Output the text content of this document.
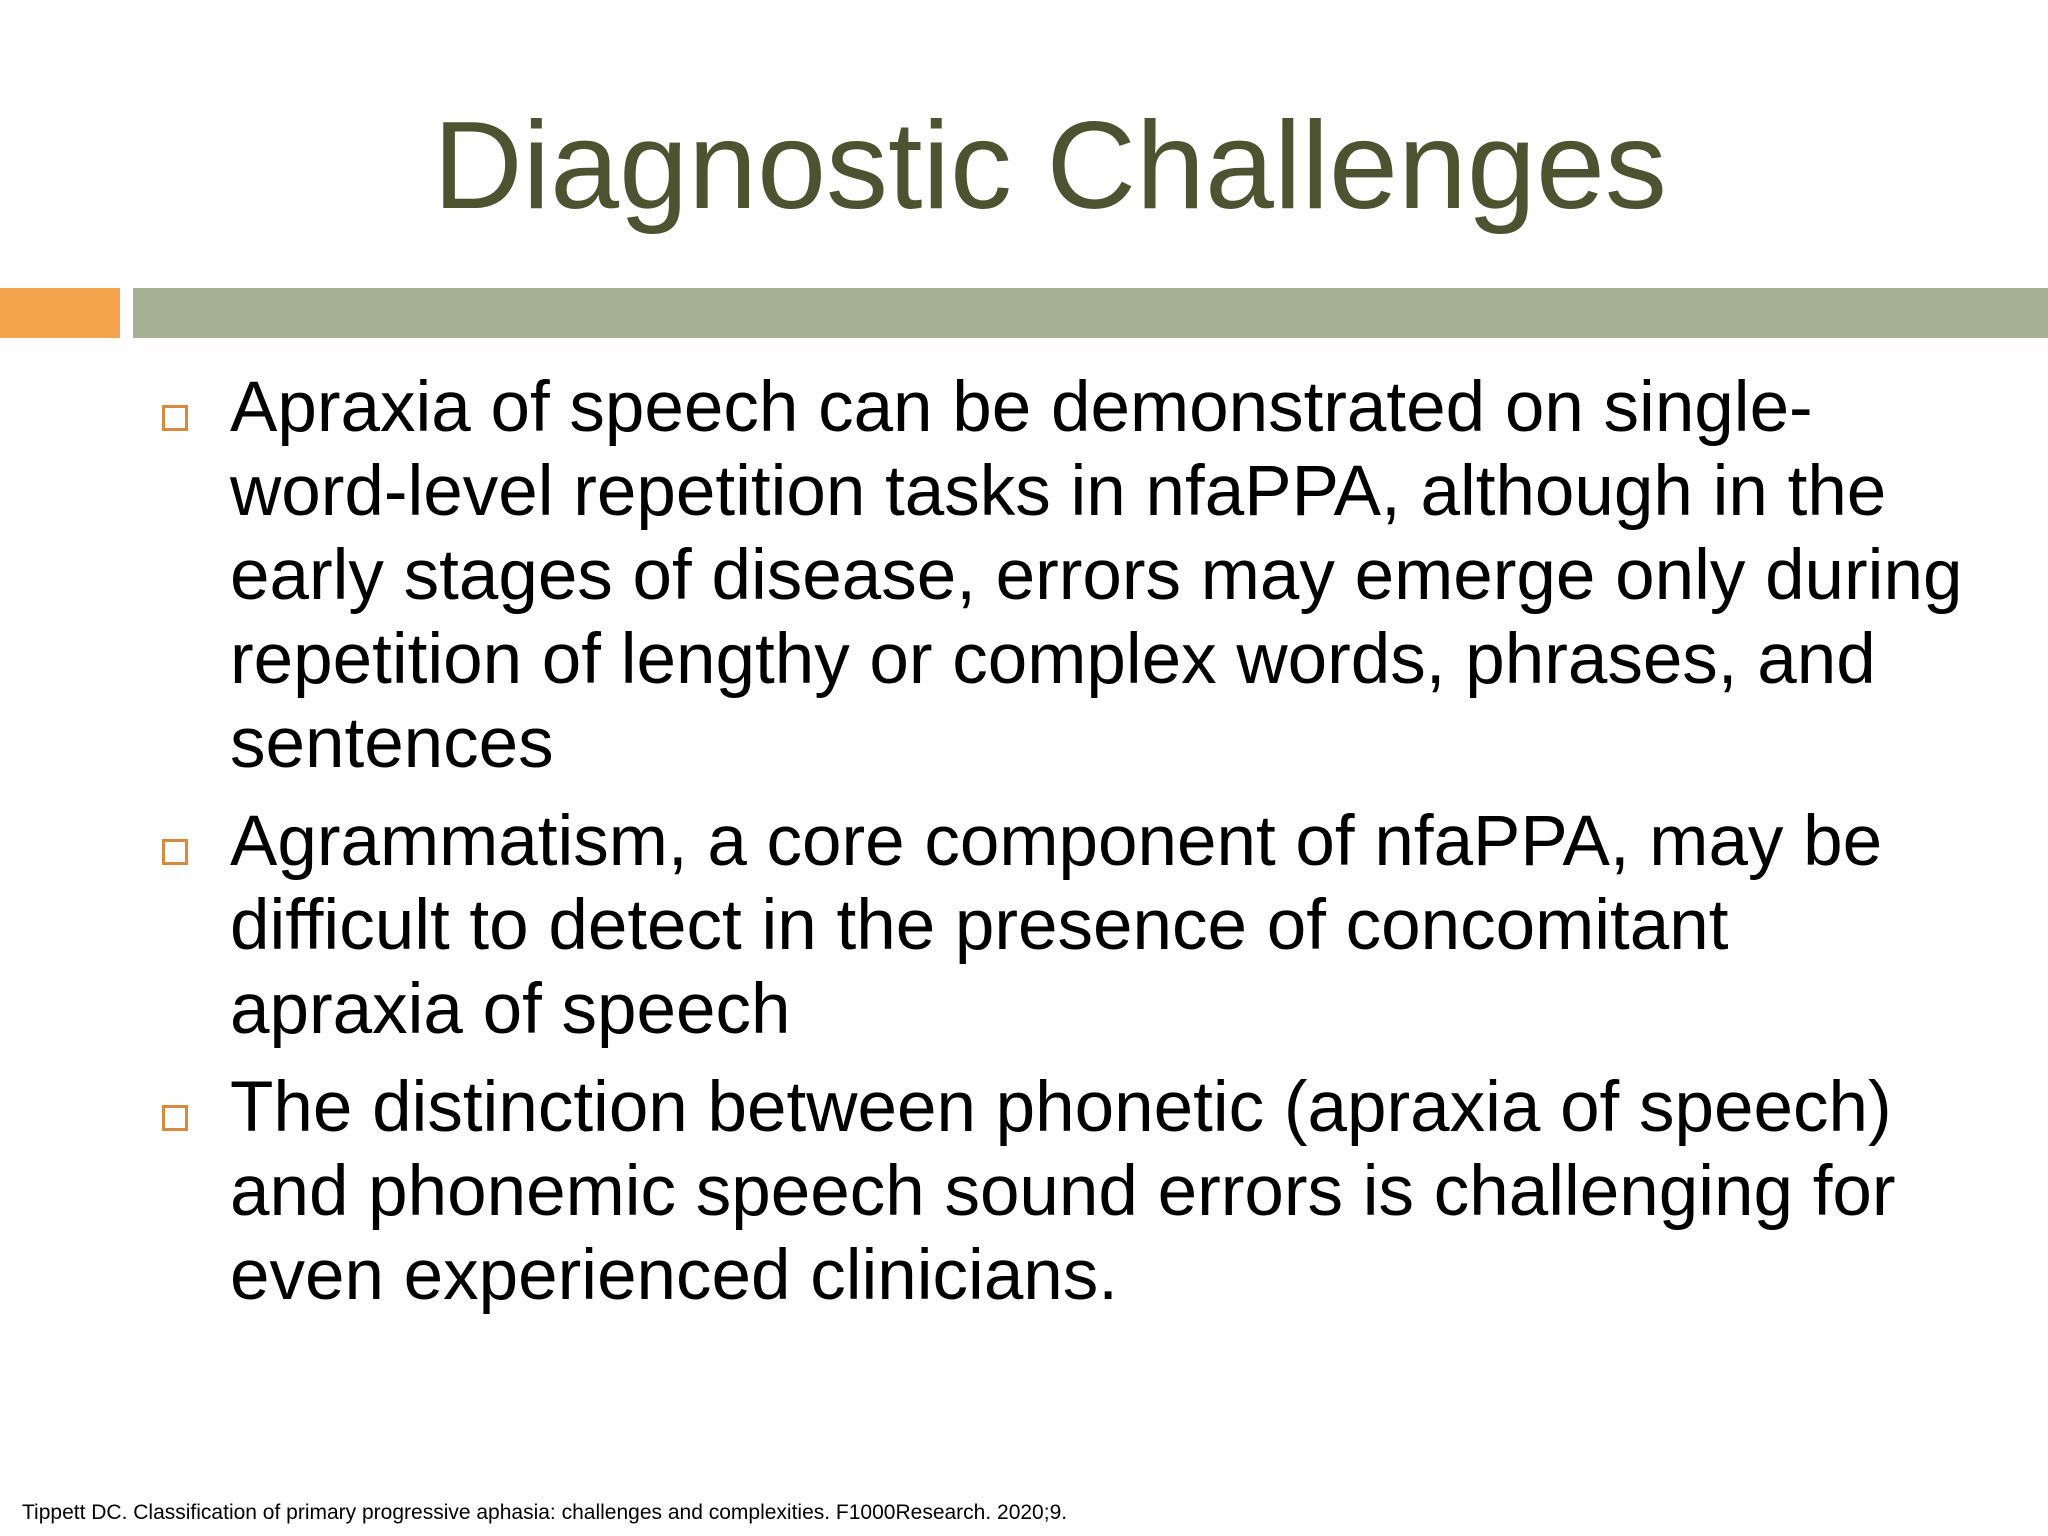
Diagnostic Challenges
Apraxia of speech can be demonstrated on single-word-level repetition tasks in nfaPPA, although in the early stages of disease, errors may emerge only during repetition of lengthy or complex words, phrases, and sentences
Agrammatism, a core component of nfaPPA, may be difficult to detect in the presence of concomitant apraxia of speech
The distinction between phonetic (apraxia of speech) and phonemic speech sound errors is challenging for even experienced clinicians.
Tippett DC. Classification of primary progressive aphasia: challenges and complexities. F1000Research. 2020;9.
